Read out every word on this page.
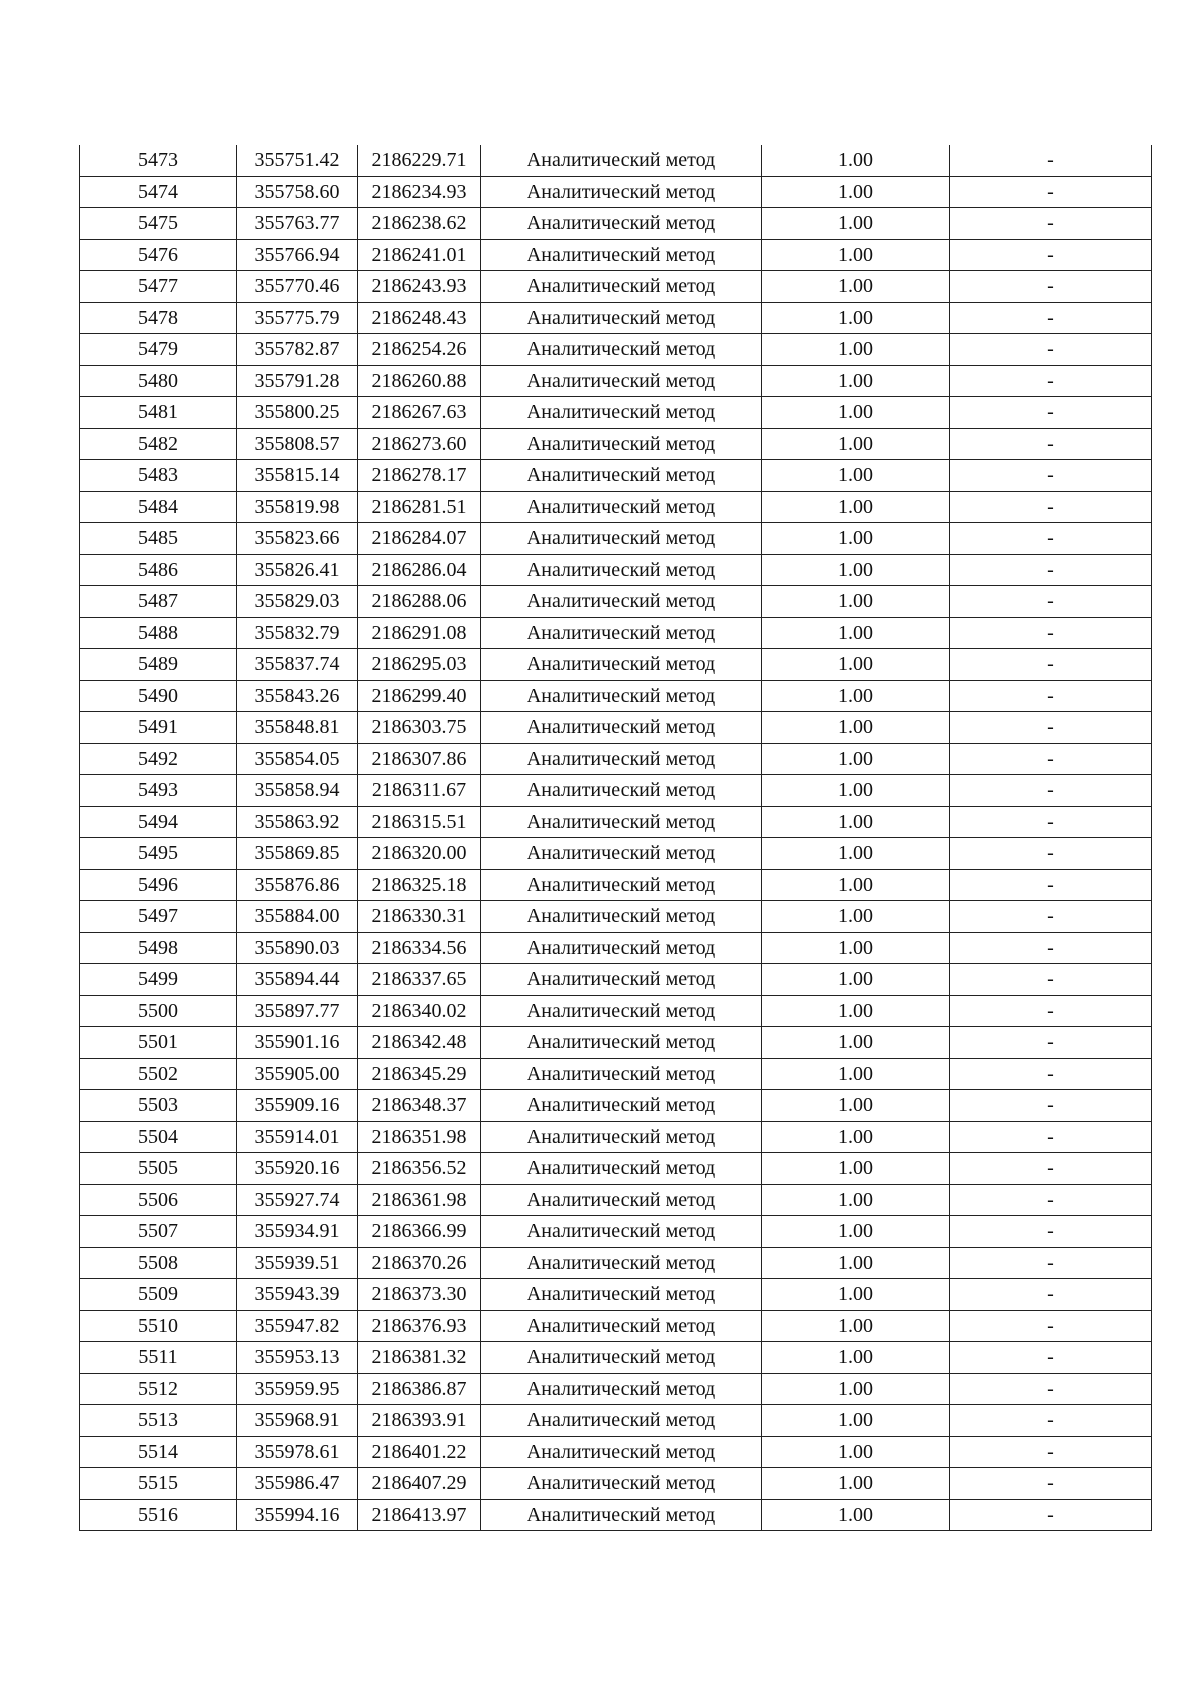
5473	355751.42	2186229.71	Аналитический метод	1.00	-
5474	355758.60	2186234.93	Аналитический метод	1.00	-
5475	355763.77	2186238.62	Аналитический метод	1.00	-
5476	355766.94	2186241.01	Аналитический метод	1.00	-
5477	355770.46	2186243.93	Аналитический метод	1.00	-
5478	355775.79	2186248.43	Аналитический метод	1.00	-
5479	355782.87	2186254.26	Аналитический метод	1.00	-
5480	355791.28	2186260.88	Аналитический метод	1.00	-
5481	355800.25	2186267.63	Аналитический метод	1.00	-
5482	355808.57	2186273.60	Аналитический метод	1.00	-
5483	355815.14	2186278.17	Аналитический метод	1.00	-
5484	355819.98	2186281.51	Аналитический метод	1.00	-
5485	355823.66	2186284.07	Аналитический метод	1.00	-
5486	355826.41	2186286.04	Аналитический метод	1.00	-
5487	355829.03	2186288.06	Аналитический метод	1.00	-
5488	355832.79	2186291.08	Аналитический метод	1.00	-
5489	355837.74	2186295.03	Аналитический метод	1.00	-
5490	355843.26	2186299.40	Аналитический метод	1.00	-
5491	355848.81	2186303.75	Аналитический метод	1.00	-
5492	355854.05	2186307.86	Аналитический метод	1.00	-
5493	355858.94	2186311.67	Аналитический метод	1.00	-
5494	355863.92	2186315.51	Аналитический метод	1.00	-
5495	355869.85	2186320.00	Аналитический метод	1.00	-
5496	355876.86	2186325.18	Аналитический метод	1.00	-
5497	355884.00	2186330.31	Аналитический метод	1.00	-
5498	355890.03	2186334.56	Аналитический метод	1.00	-
5499	355894.44	2186337.65	Аналитический метод	1.00	-
5500	355897.77	2186340.02	Аналитический метод	1.00	-
5501	355901.16	2186342.48	Аналитический метод	1.00	-
5502	355905.00	2186345.29	Аналитический метод	1.00	-
5503	355909.16	2186348.37	Аналитический метод	1.00	-
5504	355914.01	2186351.98	Аналитический метод	1.00	-
5505	355920.16	2186356.52	Аналитический метод	1.00	-
5506	355927.74	2186361.98	Аналитический метод	1.00	-
5507	355934.91	2186366.99	Аналитический метод	1.00	-
5508	355939.51	2186370.26	Аналитический метод	1.00	-
5509	355943.39	2186373.30	Аналитический метод	1.00	-
5510	355947.82	2186376.93	Аналитический метод	1.00	-
5511	355953.13	2186381.32	Аналитический метод	1.00	-
5512	355959.95	2186386.87	Аналитический метод	1.00	-
5513	355968.91	2186393.91	Аналитический метод	1.00	-
5514	355978.61	2186401.22	Аналитический метод	1.00	-
5515	355986.47	2186407.29	Аналитический метод	1.00	-
5516	355994.16	2186413.97	Аналитический метод	1.00	-
